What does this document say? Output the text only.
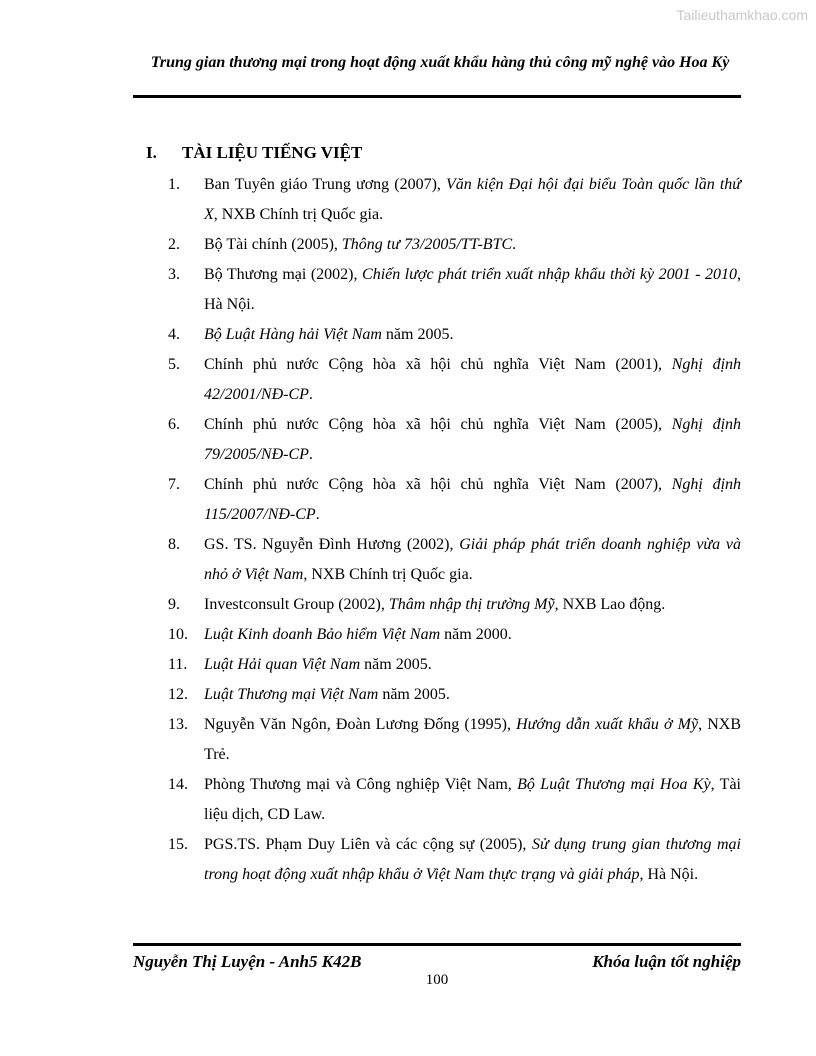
Tailieuthamkhao.com
Trung gian thương mại trong hoạt động xuất khẩu hàng thủ công mỹ nghệ vào Hoa Kỳ
I. TÀI LIỆU TIẾNG VIỆT
1. Ban Tuyên giáo Trung ương (2007), Văn kiện Đại hội đại biểu Toàn quốc lần thứ X, NXB Chính trị Quốc gia.
2. Bộ Tài chính (2005), Thông tư 73/2005/TT-BTC.
3. Bộ Thương mại (2002), Chiến lược phát triển xuất nhập khẩu thời kỳ 2001 - 2010, Hà Nội.
4. Bộ Luật Hàng hải Việt Nam năm 2005.
5. Chính phủ nước Cộng hòa xã hội chủ nghĩa Việt Nam (2001), Nghị định 42/2001/NĐ-CP.
6. Chính phủ nước Cộng hòa xã hội chủ nghĩa Việt Nam (2005), Nghị định 79/2005/NĐ-CP.
7. Chính phủ nước Cộng hòa xã hội chủ nghĩa Việt Nam (2007), Nghị định 115/2007/NĐ-CP.
8. GS. TS. Nguyễn Đình Hương (2002), Giải pháp phát triển doanh nghiệp vừa và nhỏ ở Việt Nam, NXB Chính trị Quốc gia.
9. Investconsult Group (2002), Thâm nhập thị trường Mỹ, NXB Lao động.
10. Luật Kinh doanh Bảo hiểm Việt Nam năm 2000.
11. Luật Hải quan Việt Nam năm 2005.
12. Luật Thương mại Việt Nam năm 2005.
13. Nguyễn Văn Ngôn, Đoàn Lương Đống (1995), Hướng dẫn xuất khẩu ở Mỹ, NXB Trẻ.
14. Phòng Thương mại và Công nghiệp Việt Nam, Bộ Luật Thương mại Hoa Kỳ, Tài liệu dịch, CD Law.
15. PGS.TS. Phạm Duy Liên và các cộng sự (2005), Sử dụng trung gian thương mại trong hoạt động xuất nhập khẩu ở Việt Nam thực trạng và giải pháp, Hà Nội.
Nguyễn Thị Luyện - Anh5 K42B	Khóa luận tốt nghiệp
100
